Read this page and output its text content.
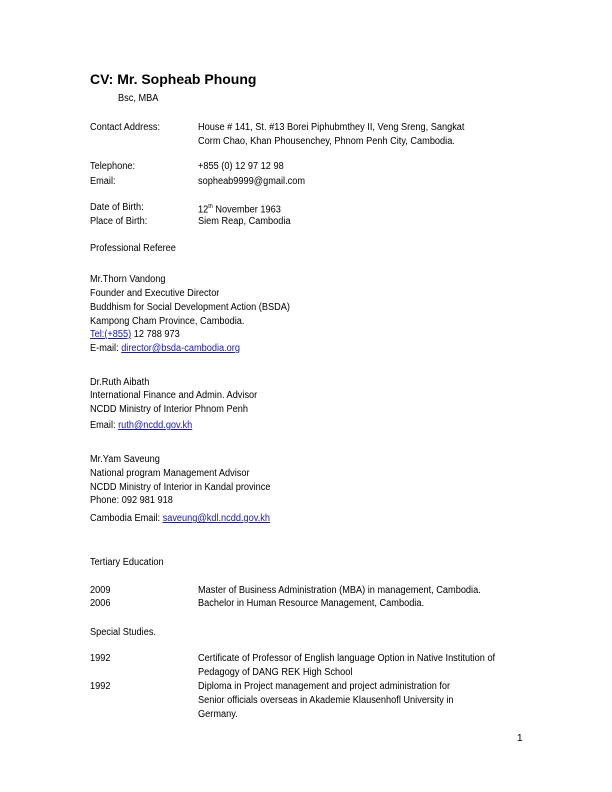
CV: Mr. Sopheab Phoung
Bsc, MBA
Contact Address:	House # 141, St. #13 Borei Piphubmthey II, Veng Sreng, Sangkat
Corm Chao, Khan Phousenchey, Phnom Penh City, Cambodia.
Telephone:	+855 (0) 12 97 12 98
Email:	sopheab9999@gmail.com
Date of Birth:	12th November 1963
Place of Birth:	Siem Reap, Cambodia
Professional Referee
Mr.Thorn Vandong
Founder and Executive Director
Buddhism for Social Development Action (BSDA)
Kampong Cham Province, Cambodia.
Tel:(+855) 12 788 973
E-mail: director@bsda-cambodia.org
Dr.Ruth Aibath
International Finance and Admin. Advisor
NCDD Ministry of Interior Phnom Penh
Email: ruth@ncdd.gov.kh
Mr.Yam Saveung
National program Management Advisor
NCDD Ministry of Interior in Kandal province
Phone: 092 981 918
Cambodia Email: saveung@kdl.ncdd.gov.kh
Tertiary Education
2009	Master of Business Administration (MBA) in management, Cambodia.
2006	Bachelor in Human Resource Management, Cambodia.
Special Studies.
1992	Certificate of Professor of English language Option in Native Institution of
Pedagogy of DANG REK High School
1992	Diploma in Project management and project administration for
Senior officials overseas in Akademie Klausenhofl University in
Germany.
1
